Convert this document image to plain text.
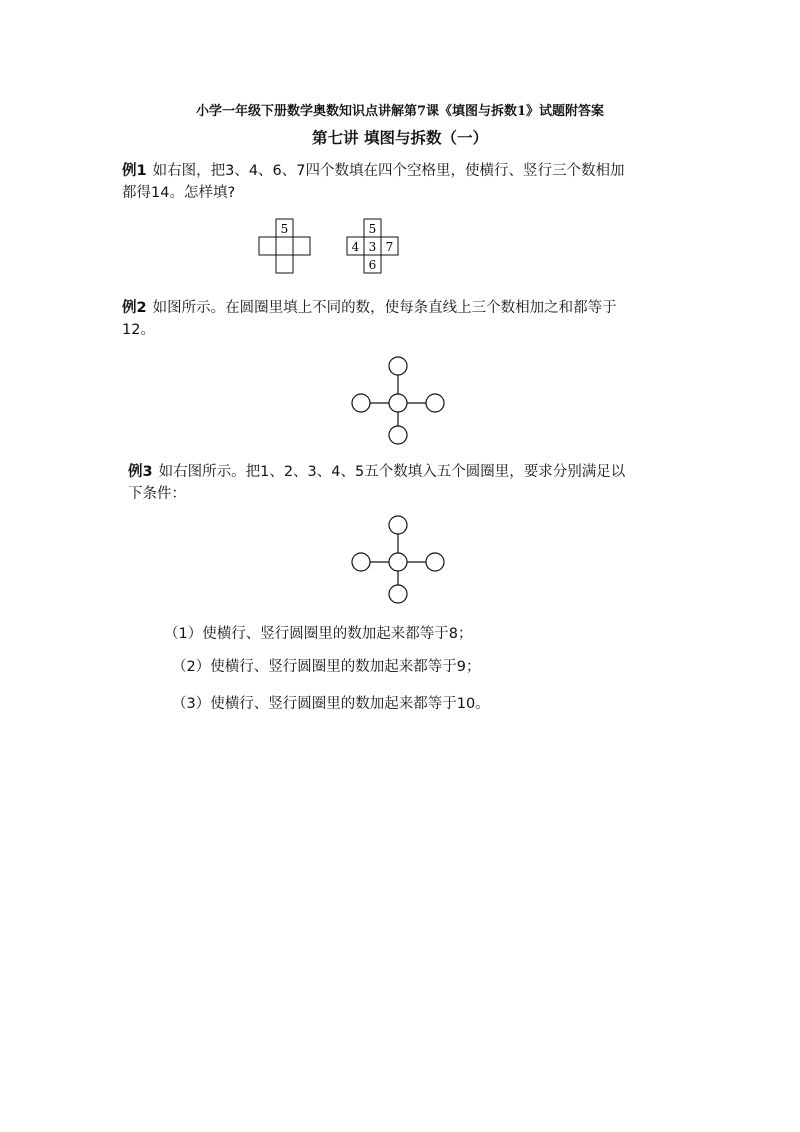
小学一年级下册数学奥数知识点讲解第7课《填图与拆数1》试题附答案
第七讲 填图与拆数（一）
例1 如右图，把3、4、6、7四个数填在四个空格里，使横行、竖行三个数相加
都得14。怎样填?
5	5
4 3 7
6
例2 如图所示。在圆圈里填上不同的数，使每条直线上三个数相加之和都等于
12。
例3 如右图所示。把1、2、3、4、5五个数填入五个圆圈里，要求分别满足以
下条件：
（1）使横行、竖行圆圈里的数加起来都等于8；
（2）使横行、竖行圆圈里的数加起来都等于9；
（3）使横行、竖行圆圈里的数加起来都等于10。
